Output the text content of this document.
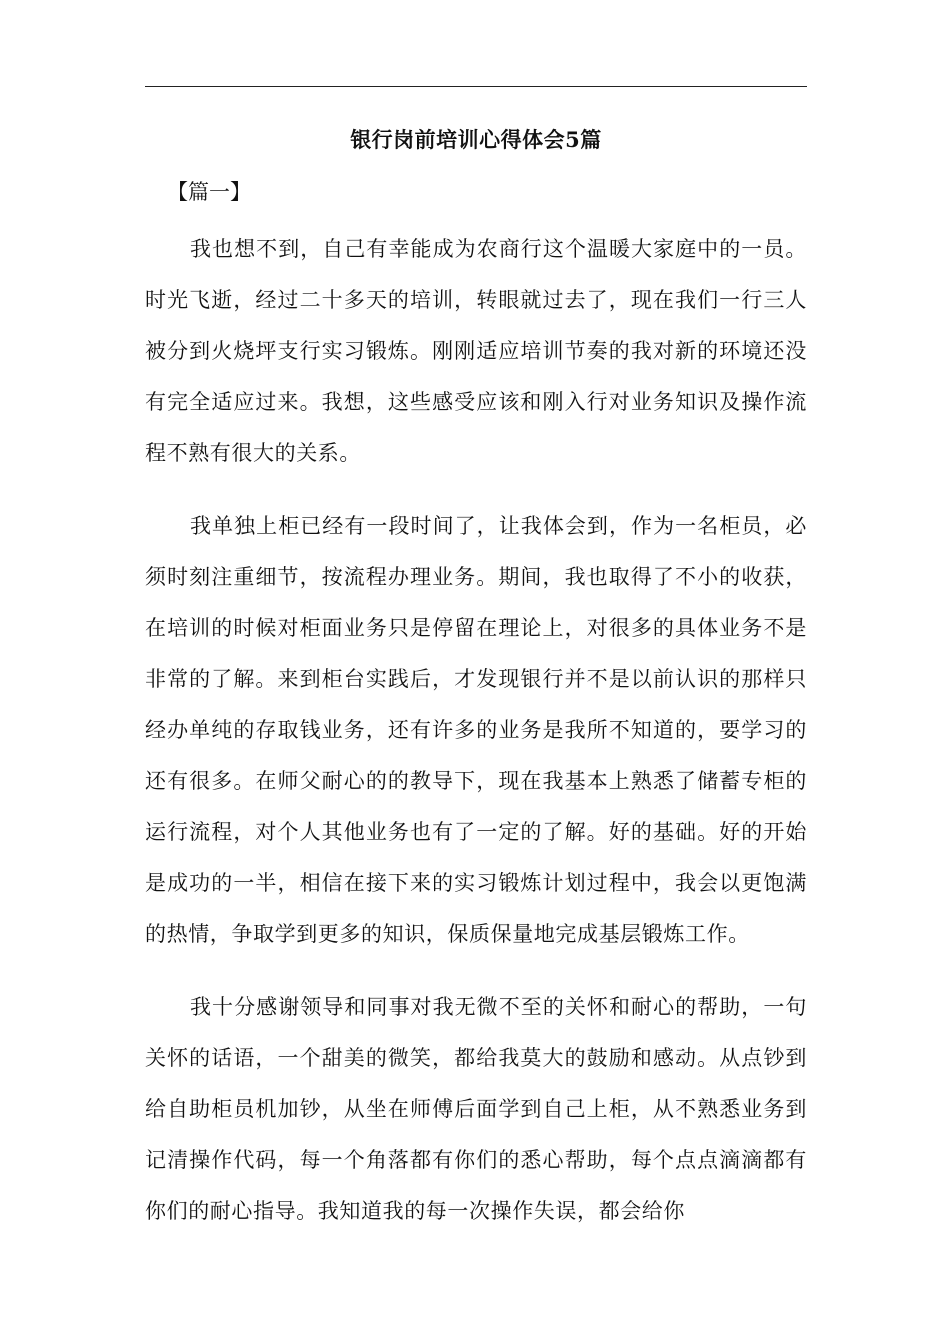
银行岗前培训心得体会5篇
【篇一】

我也想不到，自己有幸能成为农商行这个温暖大家庭中的一员。时光飞逝，经过二十多天的培训，转眼就过去了，现在我们一行三人被分到火烧坪支行实习锻炼。刚刚适应培训节奏的我对新的环境还没有完全适应过来。我想，这些感受应该和刚入行对业务知识及操作流程不熟有很大的关系。

我单独上柜已经有一段时间了，让我体会到，作为一名柜员，必须时刻注重细节，按流程办理业务。期间，我也取得了不小的收获，在培训的时候对柜面业务只是停留在理论上，对很多的具体业务不是非常的了解。来到柜台实践后，才发现银行并不是以前认识的那样只经办单纯的存取钱业务，还有许多的业务是我所不知道的，要学习的还有很多。在师父耐心的的教导下，现在我基本上熟悉了储蓄专柜的运行流程，对个人其他业务也有了一定的了解。好的基础。好的开始是成功的一半，相信在接下来的实习锻炼计划过程中，我会以更饱满的热情，争取学到更多的知识，保质保量地完成基层锻炼工作。

我十分感谢领导和同事对我无微不至的关怀和耐心的帮助，一句关怀的话语，一个甜美的微笑，都给我莫大的鼓励和感动。从点钞到给自助柜员机加钞，从坐在师傅后面学到自己上柜，从不熟悉业务到记清操作代码，每一个角落都有你们的悉心帮助，每个点点滴滴都有你们的耐心指导。我知道我的每一次操作失误，都会给你
